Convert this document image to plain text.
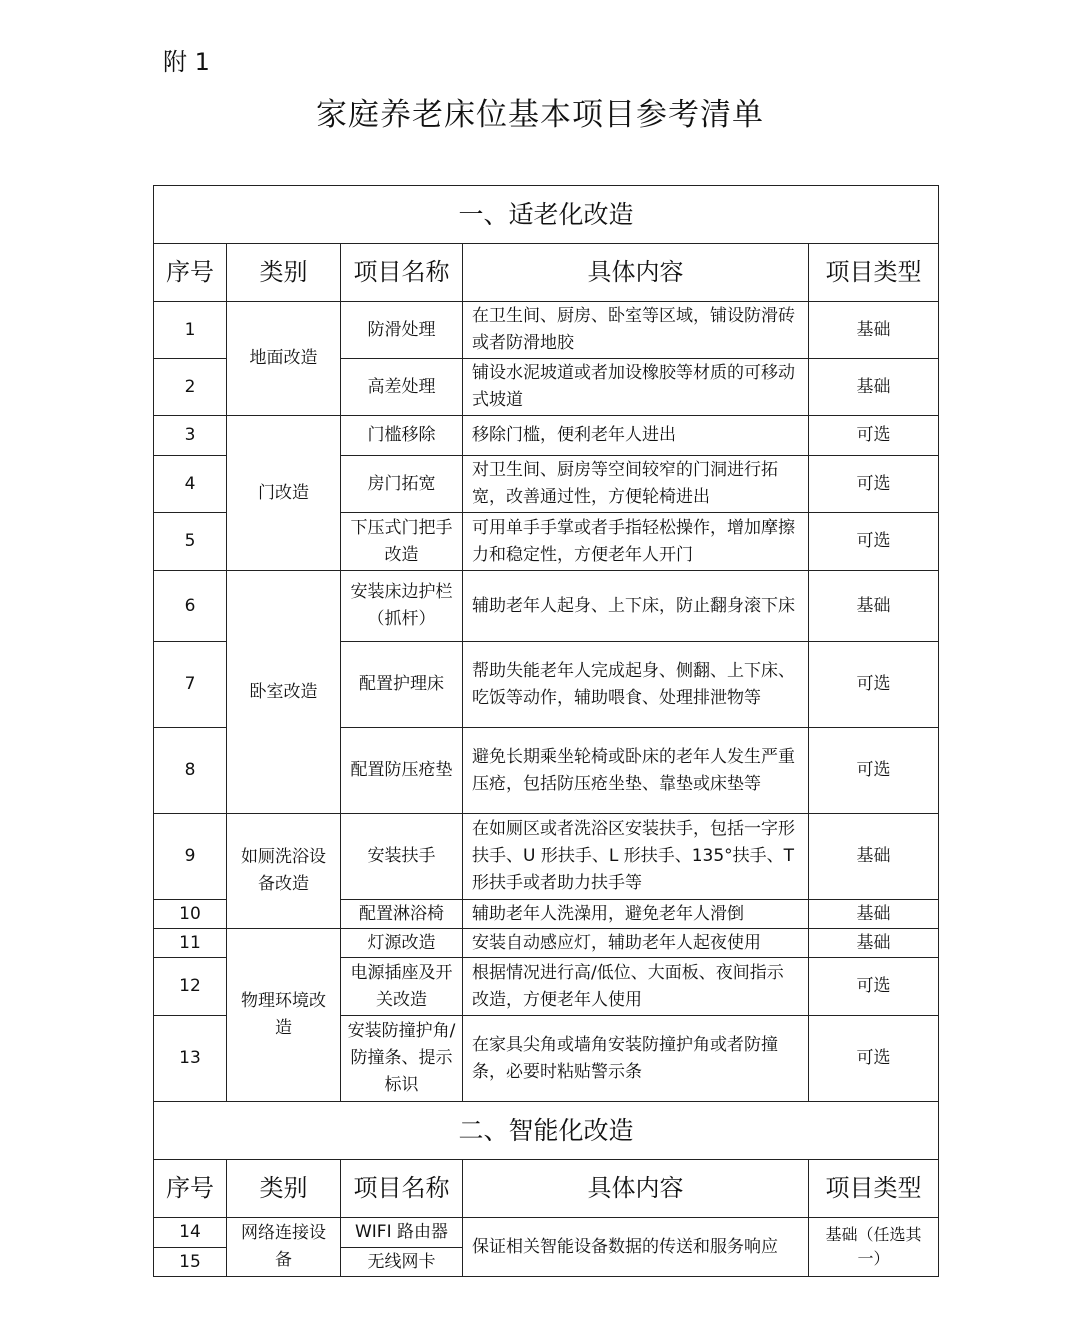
附 1
家庭养老床位基本项目参考清单
一、适老化改造				
序号	类别	项目名称	具体内容	项目类型
1	地面改造	防滑处理	在卫生间、厨房、卧室等区域，铺设防滑砖或者防滑地胶	基础
2		高差处理	铺设水泥坡道或者加设橡胶等材质的可移动式坡道	基础
3	门改造	门槛移除	移除门槛，便利老年人进出	可选
4		房门拓宽	对卫生间、厨房等空间较窄的门洞进行拓宽，改善通过性，方便轮椅进出	可选
5		下压式门把手改造	可用单手手掌或者手指轻松操作，增加摩擦力和稳定性，方便老年人开门	可选
6	卧室改造	安装床边护栏（抓杆）	辅助老年人起身、上下床，防止翻身滚下床	基础
7		配置护理床	帮助失能老年人完成起身、侧翻、上下床、吃饭等动作，辅助喂食、处理排泄物等	可选
8		配置防压疮垫	避免长期乘坐轮椅或卧床的老年人发生严重压疮，包括防压疮坐垫、靠垫或床垫等	可选
9	如厕洗浴设备改造	安装扶手	在如厕区或者洗浴区安装扶手，包括一字形扶手、U 形扶手、L 形扶手、135°扶手、T 形扶手或者助力扶手等	基础
10		配置淋浴椅	辅助老年人洗澡用，避免老年人滑倒	基础
11	物理环境改造	灯源改造	安装自动感应灯，辅助老年人起夜使用	基础
12		电源插座及开关改造	根据情况进行高/低位、大面板、夜间指示改造，方便老年人使用	可选
13		安装防撞护角/防撞条、提示标识	在家具尖角或墙角安装防撞护角或者防撞条，必要时粘贴警示条	可选
二、智能化改造				
序号	类别	项目名称	具体内容	项目类型
14	网络连接设备	WIFI 路由器	保证相关智能设备数据的传送和服务响应	基础（任选其一）
15		无线网卡		
